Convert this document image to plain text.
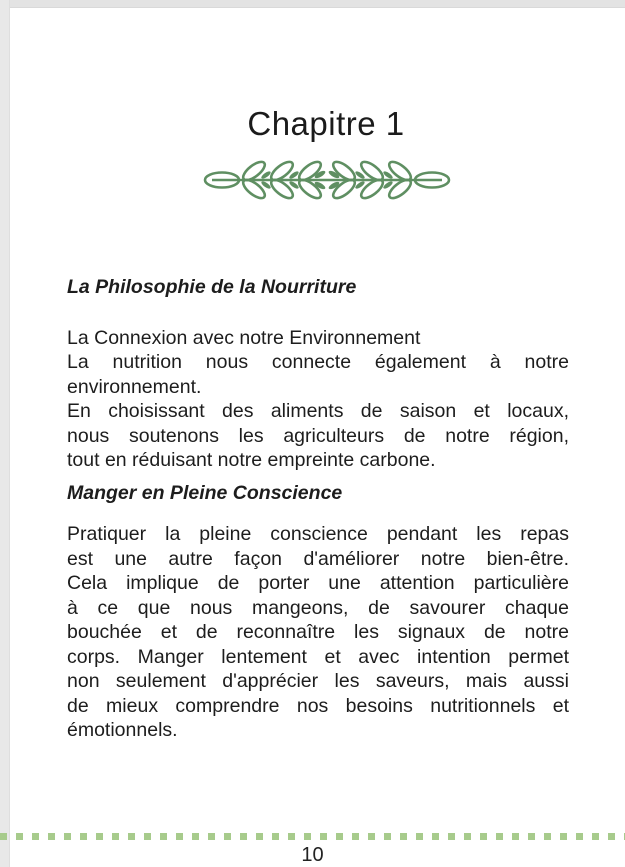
Chapitre 1
La Philosophie de la Nourriture
La Connexion avec notre Environnement
La nutrition nous connecte également à notre
environnement.
En choisissant des aliments de saison et locaux,
nous soutenons les agriculteurs de notre région,
tout en réduisant notre empreinte carbone.
Manger en Pleine Conscience
Pratiquer la pleine conscience pendant les repas
est une autre façon d'améliorer notre bien-être.
Cela implique de porter une attention particulière
à ce que nous mangeons, de savourer chaque
bouchée et de reconnaître les signaux de notre
corps. Manger lentement et avec intention permet
non seulement d'apprécier les saveurs, mais aussi
de mieux comprendre nos besoins nutritionnels et
émotionnels.
10
